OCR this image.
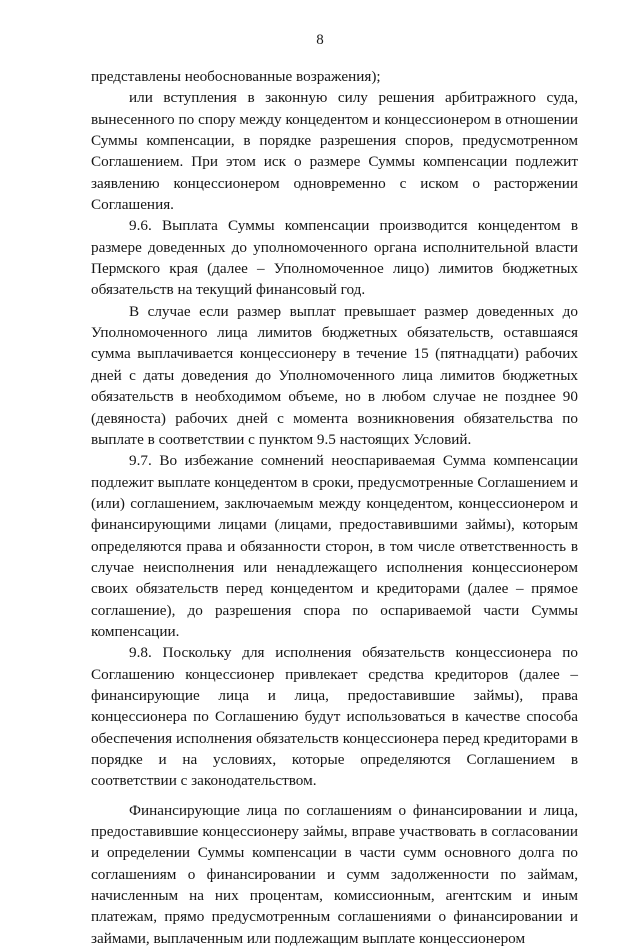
8

представлены необоснованные возражения);

или вступления в законную силу решения арбитражного суда, вынесенного по спору между концедентом и концессионером в отношении Суммы компенсации, в порядке разрешения споров, предусмотренном Соглашением. При этом иск о размере Суммы компенсации подлежит заявлению концессионером одновременно с иском о расторжении Соглашения.

9.6. Выплата Суммы компенсации производится концедентом в размере доведенных до уполномоченного органа исполнительной власти Пермского края (далее – Уполномоченное лицо) лимитов бюджетных обязательств на текущий финансовый год.

В случае если размер выплат превышает размер доведенных до Уполномоченного лица лимитов бюджетных обязательств, оставшаяся сумма выплачивается концессионеру в течение 15 (пятнадцати) рабочих дней с даты доведения до Уполномоченного лица лимитов бюджетных обязательств в необходимом объеме, но в любом случае не позднее 90 (девяноста) рабочих дней с момента возникновения обязательства по выплате в соответствии с пунктом 9.5 настоящих Условий.

9.7. Во избежание сомнений неоспариваемая Сумма компенсации подлежит выплате концедентом в сроки, предусмотренные Соглашением и (или) соглашением, заключаемым между концедентом, концессионером и финансирующими лицами (лицами, предоставившими займы), которым определяются права и обязанности сторон, в том числе ответственность в случае неисполнения или ненадлежащего исполнения концессионером своих обязательств перед концедентом и кредиторами (далее – прямое соглашение), до разрешения спора по оспариваемой части Суммы компенсации.

9.8. Поскольку для исполнения обязательств концессионера по Соглашению концессионер привлекает средства кредиторов (далее – финансирующие лица и лица, предоставившие займы), права концессионера по Соглашению будут использоваться в качестве способа обеспечения исполнения обязательств концессионера перед кредиторами в порядке и на условиях, которые определяются Соглашением в соответствии с законодательством.

Финансирующие лица по соглашениям о финансировании и лица, предоставившие концессионеру займы, вправе участвовать в согласовании и определении Суммы компенсации в части сумм основного долга по соглашениям о финансировании и сумм задолженности по займам, начисленным на них процентам, комиссионным, агентским и иным платежам, прямо предусмотренным соглашениями о финансировании и займами, выплаченным или подлежащим выплате концессионером
